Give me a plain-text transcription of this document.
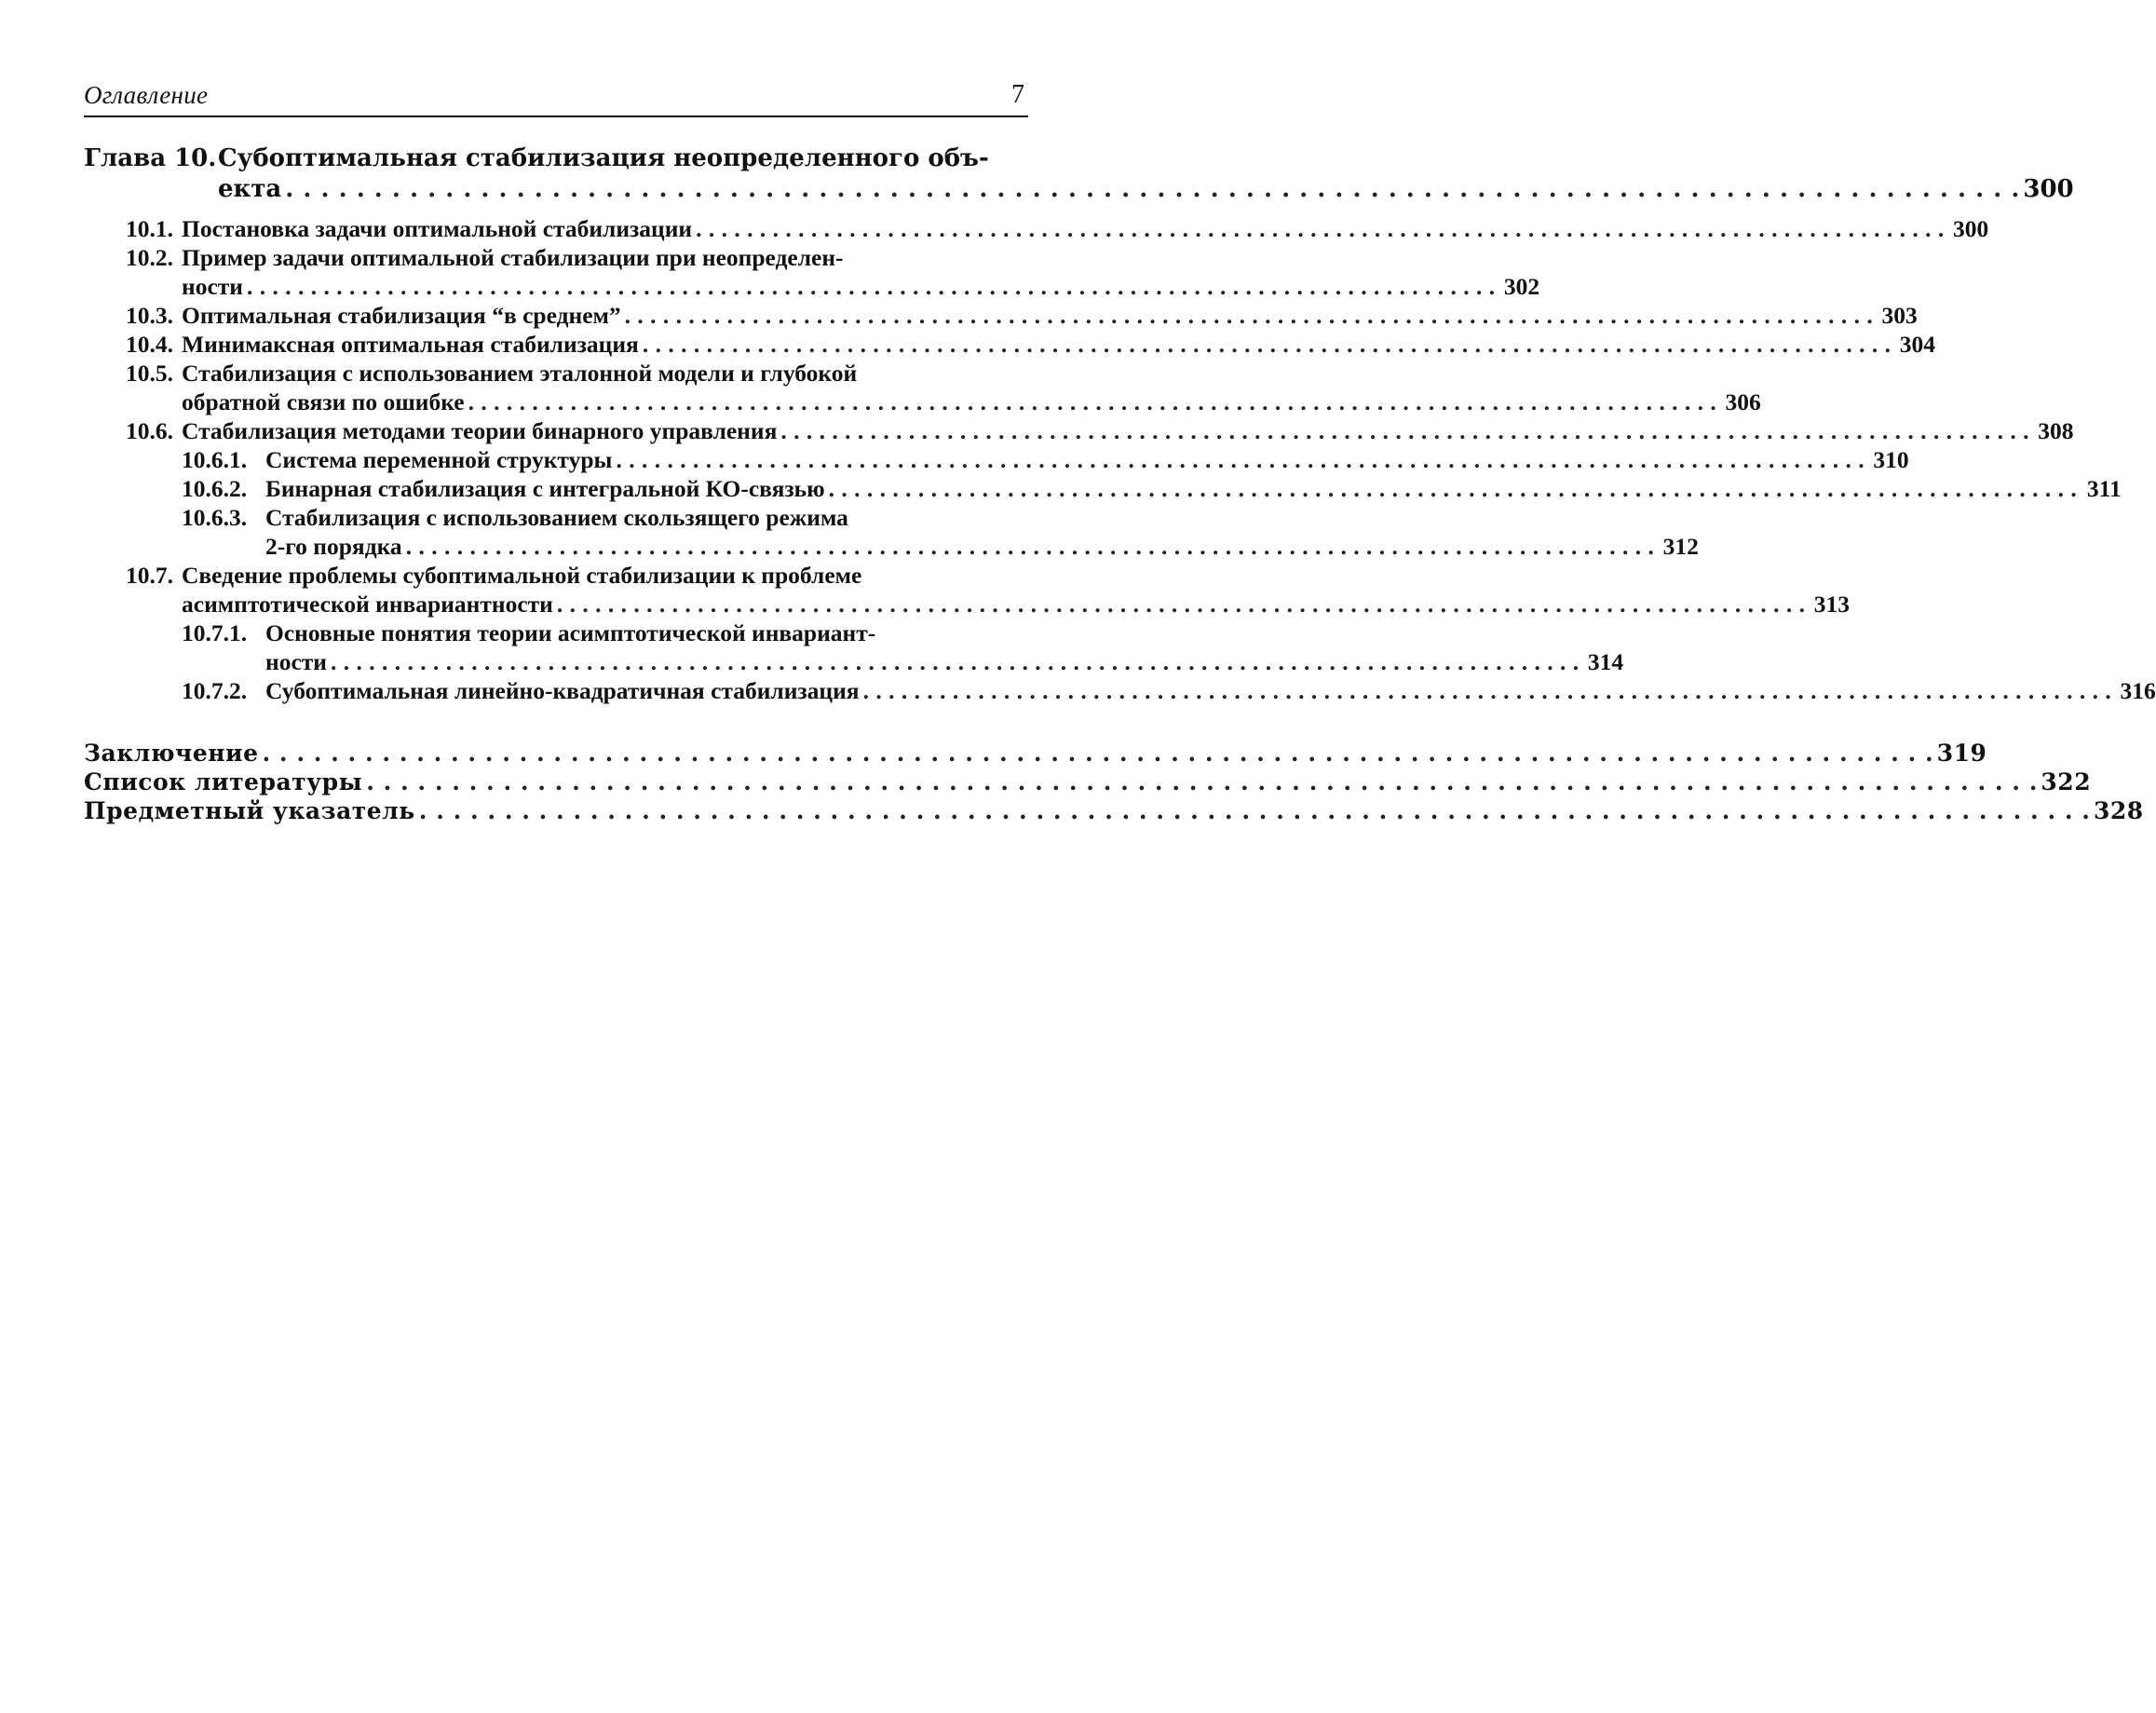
Оглавление	7
Глава 10. Субоптимальная стабилизация неопределенного объ-
екта
. . .	300
10.1. Постановка задачи оптимальной стабилизации
. . .	300
10.2. Пример задачи оптимальной стабилизации при неопределен-
ности
. . .	302
10.3. Оптимальная стабилизация “в среднем”
. . .	303
10.4. Минимаксная оптимальная стабилизация
. . .	304
10.5. Стабилизация с использованием эталонной модели и глубокой
обратной связи по ошибке
. . .	306
10.6. Стабилизация методами теории бинарного управления
. . .	308
10.6.1. Система переменной структуры
. . .	310
10.6.2. Бинарная стабилизация с интегральной КО-связью
. . .	311
10.6.3. Стабилизация с использованием скользящего режима
2-го порядка
. . .	312
10.7. Сведение проблемы субоптимальной стабилизации к проблеме
асимптотической инвариантности
. . .	313
10.7.1. Основные понятия теории асимптотической инвариант-
ности
. . .	314
10.7.2. Субоптимальная линейно-квадратичная стабилизация
. . .	316
Заключение
. . .	319
Список литературы
. . .	322
Предметный указатель
. . .	328
